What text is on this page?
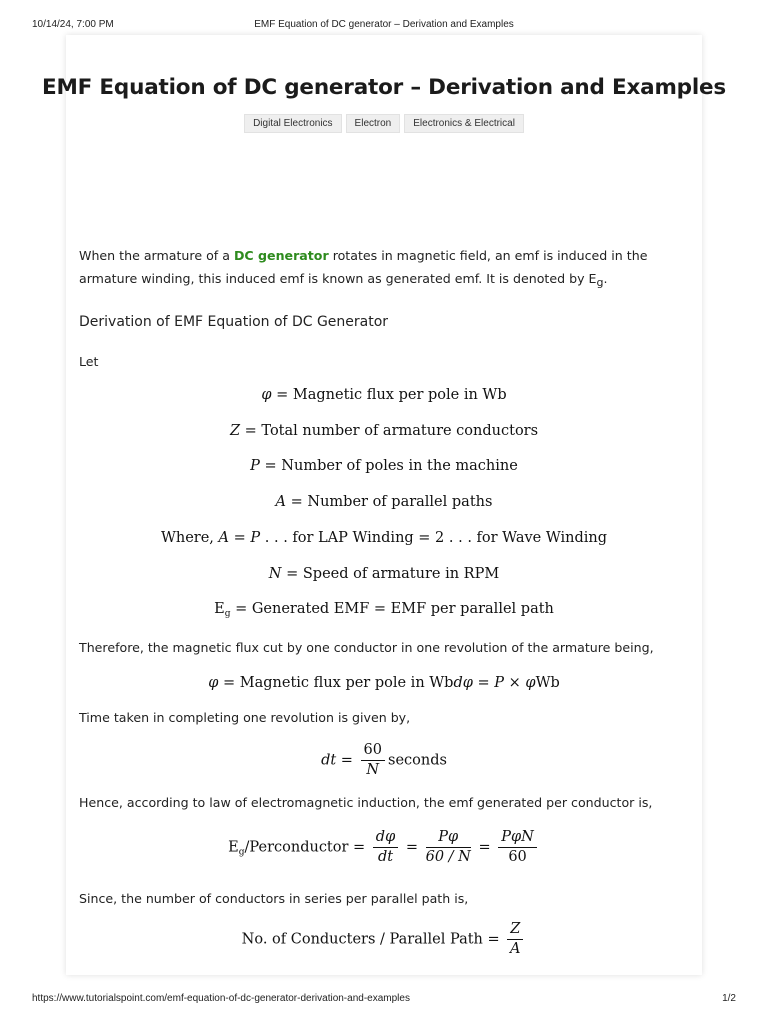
10/14/24, 7:00 PM	EMF Equation of DC generator – Derivation and Examples
EMF Equation of DC generator – Derivation and Examples
Digital Electronics Electron Electronics & Electrical
When the armature of a DC generator rotates in magnetic field, an emf is induced in the armature winding, this induced emf is known as generated emf. It is denoted by Eg.
Derivation of EMF Equation of DC Generator
Let
φ = Magnetic flux per pole in Wb
Z = Total number of armature conductors
P = Number of poles in the machine
A = Number of parallel paths
Where, A = P . . . for LAP Winding = 2 . . . for Wave Winding
N = Speed of armature in RPM
$E_g$ = Generated EMF = EMF per parallel path
Therefore, the magnetic flux cut by one conductor in one revolution of the armature being,
φ = Magnetic flux per pole in Wbdφ = P × φWb
Time taken in completing one revolution is given by,
dt = $\frac{60}{N}$ seconds
Hence, according to law of electromagnetic induction, the emf generated per conductor is,
$E_g$/Perconductor = $\frac{d\varphi}{dt} = \frac{P\varphi}{60 / N} = \frac{\text{PφN}}{60}$
Since, the number of conductors in series per parallel path is,
No. of Conducters / Parallel Path = $\frac{Z}{A}$
https://www.tutorialspoint.com/emf-equation-of-dc-generator-derivation-and-examples	1/2
